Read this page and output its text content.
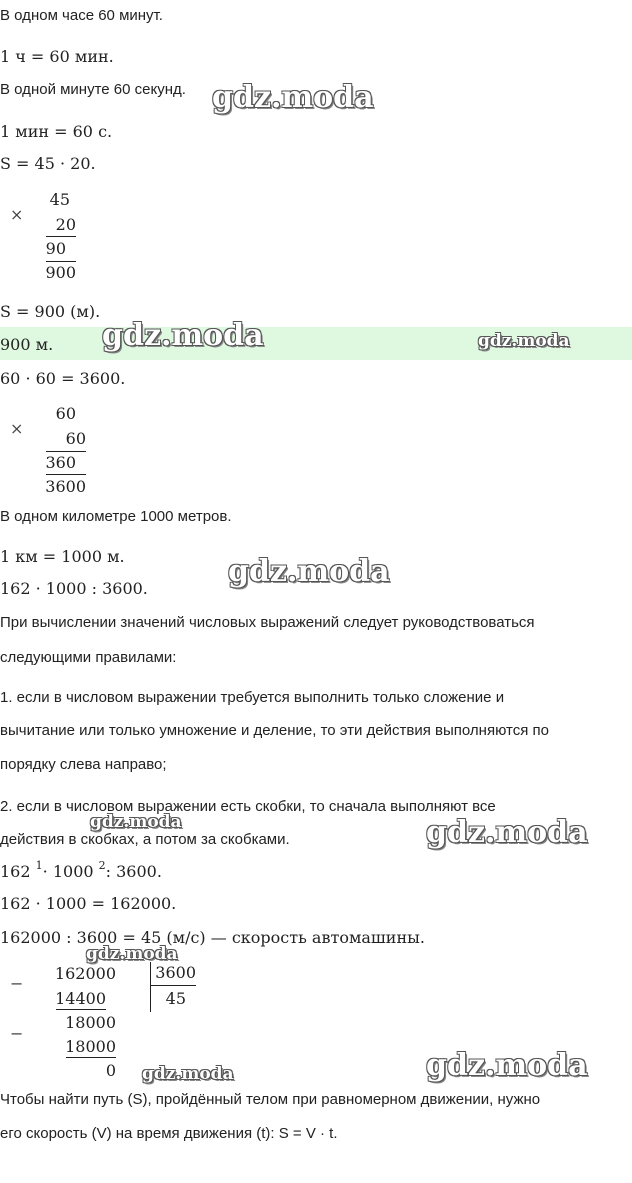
В одном часе 60 минут.
1 ч = 60 мин.
В одной минуте 60 секунд.
1 мин = 60 с.
S = 45 · 20.
×
45
20
90
900
S = 900 (м).
900 м.
60 · 60 = 3600.
×
60
60
360
3600
В одном километре 1000 метров.
1 км = 1000 м.
162 · 1000 : 3600.
При вычислении значений числовых выражений следует руководствоваться
следующими правилами:
1. если в числовом выражении требуется выполнить только сложение и
вычитание или только умножение и деление, то эти действия выполняются по
порядку слева направо;
2. если в числовом выражении есть скобки, то сначала выполняют все
действия в скобках, а потом за скобками.
162 $^1$· 1000 $^2$: 3600.
162 · 1000 = 162000.
162000 : 3600 = 45 (м/с) — скорость автомашины.
−
162000
14400
18000
−
18000
0
3600
45
Чтобы найти путь (S), пройдённый телом при равномерном движении, нужно
его скорость (V) на время движения (t): S = V · t.
gdz.moda
gdz.moda	gdz.moda
gdz.moda
gdz.moda	gdz.moda
gdz.moda
gdz.moda
gdz.moda
